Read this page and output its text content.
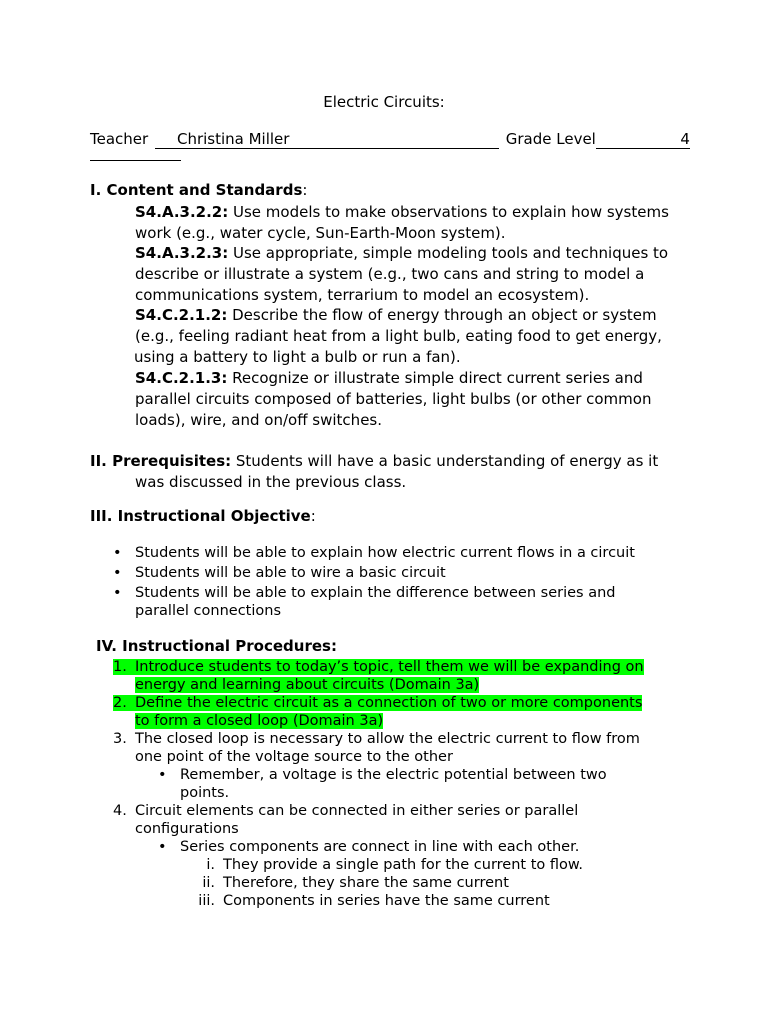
Electric Circuits:
Teacher Christina Miller	Grade Level	4
I. Content and Standards:
S4.A.3.2.2: Use models to make observations to explain how systems
work (e.g., water cycle, Sun-Earth-Moon system).
S4.A.3.2.3: Use appropriate, simple modeling tools and techniques to
describe or illustrate a system (e.g., two cans and string to model a
communications system, terrarium to model an ecosystem).
S4.C.2.1.2: Describe the flow of energy through an object or system
(e.g., feeling radiant heat from a light bulb, eating food to get energy,
using a battery to light a bulb or run a fan).
S4.C.2.1.3: Recognize or illustrate simple direct current series and
parallel circuits composed of batteries, light bulbs (or other common
loads), wire, and on/off switches.
II. Prerequisites: Students will have a basic understanding of energy as it
was discussed in the previous class.
III. Instructional Objective:
• Students will be able to explain how electric current flows in a circuit
• Students will be able to wire a basic circuit
• Students will be able to explain the difference between series and
parallel connections
IV. Instructional Procedures:
1. Introduce students to today’s topic, tell them we will be expanding on
energy and learning about circuits (Domain 3a)
2. Define the electric circuit as a connection of two or more components
to form a closed loop (Domain 3a)
3. The closed loop is necessary to allow the electric current to flow from
one point of the voltage source to the other
• Remember, a voltage is the electric potential between two
points.
4. Circuit elements can be connected in either series or parallel
configurations
• Series components are connect in line with each other.
i. They provide a single path for the current to flow.
ii. Therefore, they share the same current
iii. Components in series have the same current
